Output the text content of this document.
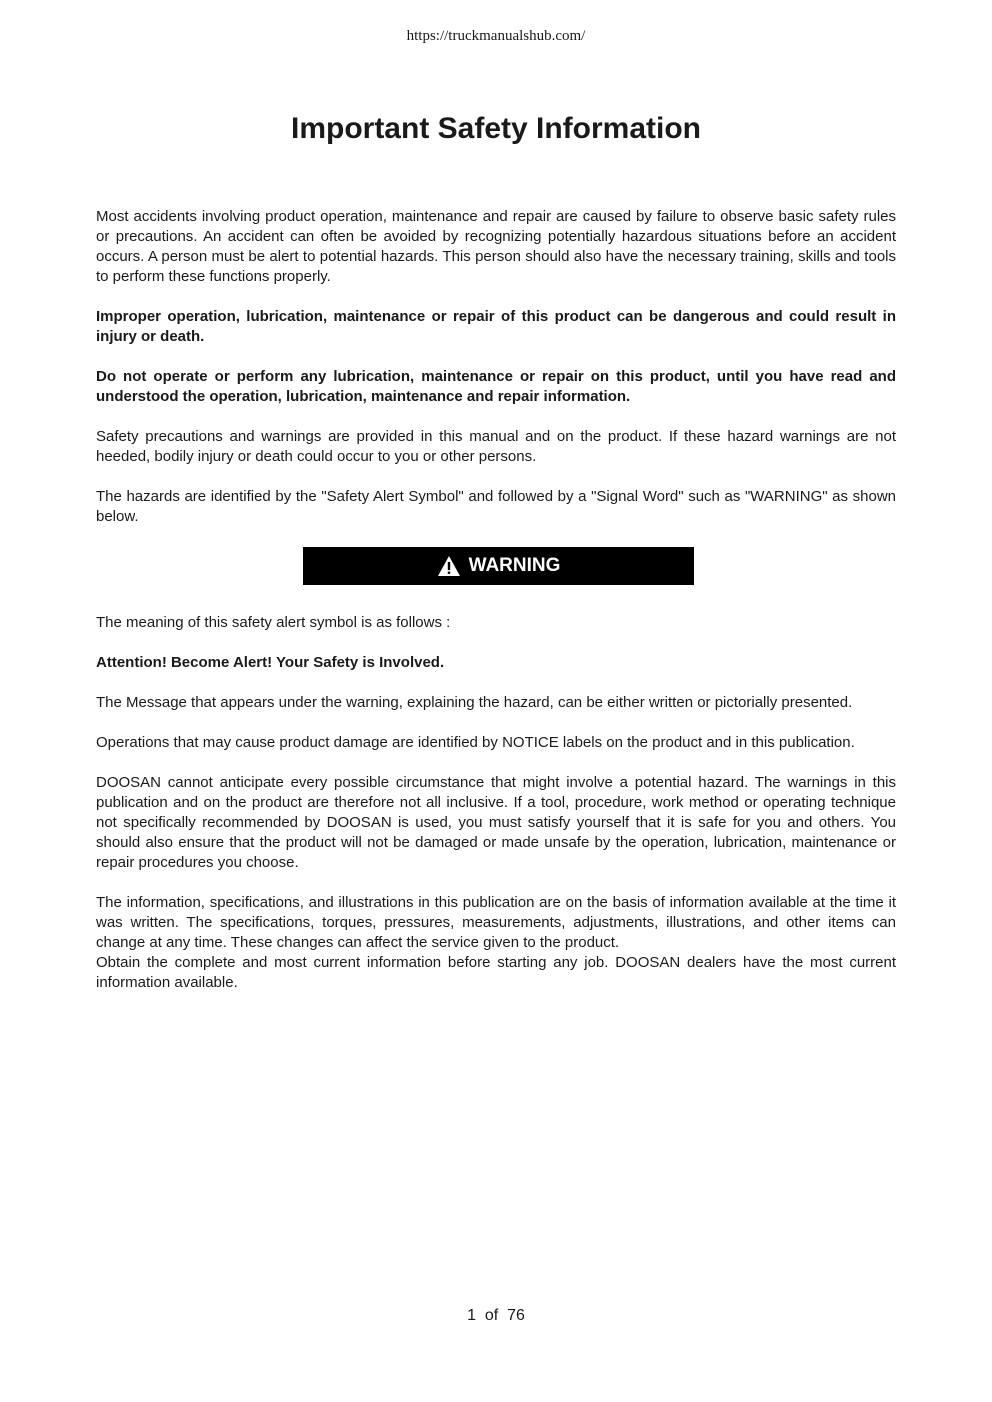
https://truckmanualshub.com/
Important Safety Information

Most accidents involving product operation, maintenance and repair are caused by failure to observe basic safety rules or precautions. An accident can often be avoided by recognizing potentially hazardous situations before an accident occurs. A person must be alert to potential hazards. This person should also have the necessary training, skills and tools to perform these functions properly.

Improper operation, lubrication, maintenance or repair of this product can be dangerous and could result in injury or death.

Do not operate or perform any lubrication, maintenance or repair on this product, until you have read and understood the operation, lubrication, maintenance and repair information.

Safety precautions and warnings are provided in this manual and on the product. If these hazard warnings are not heeded, bodily injury or death could occur to you or other persons.

The hazards are identified by the "Safety Alert Symbol" and followed by a "Signal Word" such as "WARNING" as shown below.

WARNING

The meaning of this safety alert symbol is as follows :

Attention! Become Alert! Your Safety is Involved.

The Message that appears under the warning, explaining the hazard, can be either written or pictorially presented.

Operations that may cause product damage are identified by NOTICE labels on the product and in this publication.

DOOSAN cannot anticipate every possible circumstance that might involve a potential hazard. The warnings in this publication and on the product are therefore not all inclusive. If a tool, procedure, work method or operating technique not specifically recommended by DOOSAN is used, you must satisfy yourself that it is safe for you and others. You should also ensure that the product will not be damaged or made unsafe by the operation, lubrication, maintenance or repair procedures you choose.

The information, specifications, and illustrations in this publication are on the basis of information available at the time it was written. The specifications, torques, pressures, measurements, adjustments, illustrations, and other items can change at any time. These changes can affect the service given to the product.

Obtain the complete and most current information before starting any job. DOOSAN dealers have the most current information available.

1 of 76
